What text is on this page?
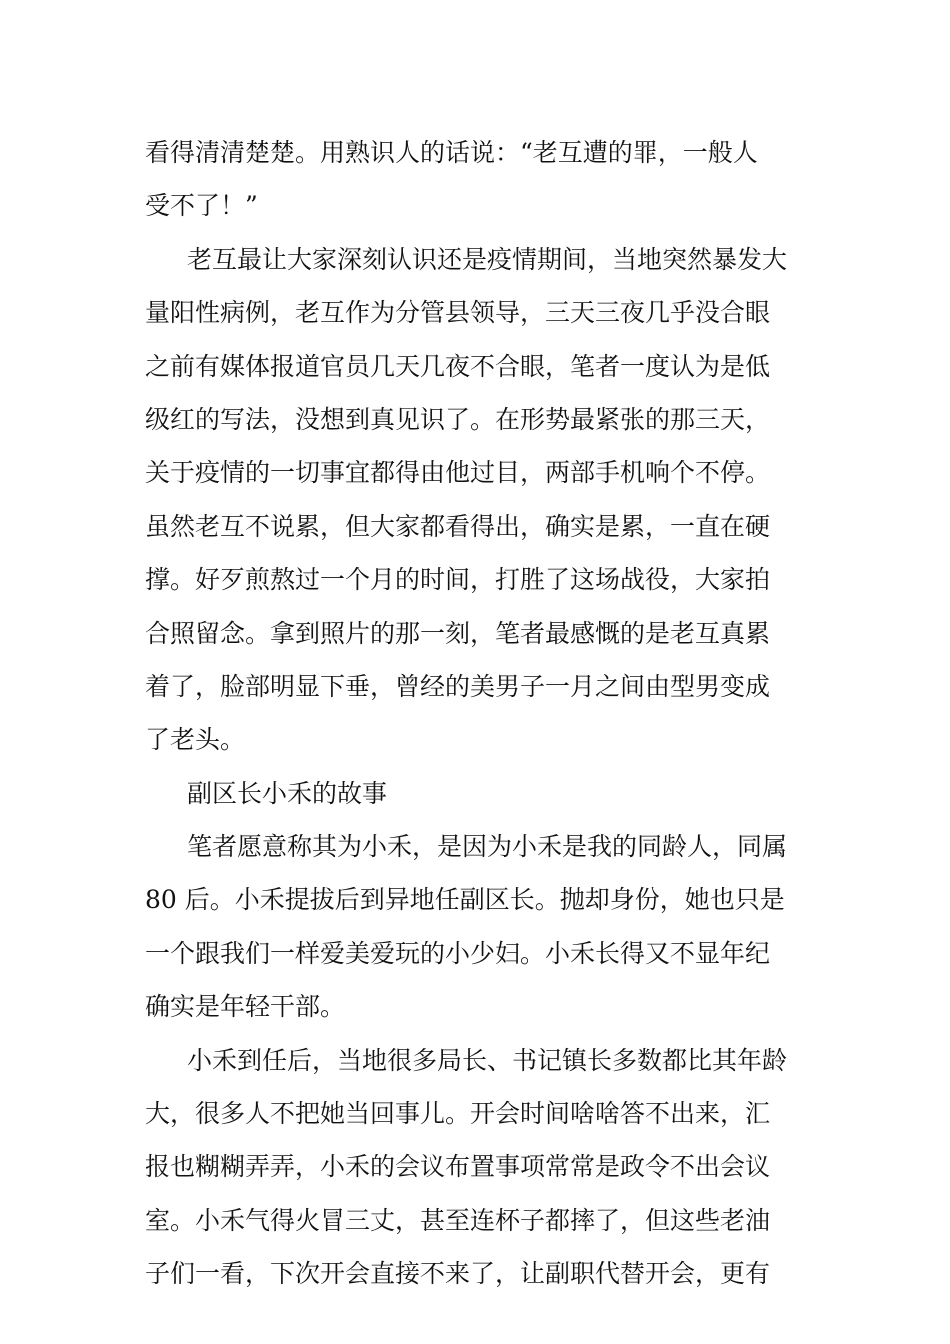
看得清清楚楚。用熟识人的话说：“老互遭的罪，一般人
受不了！”
老互最让大家深刻认识还是疫情期间，当地突然暴发大
量阳性病例，老互作为分管县领导，三天三夜几乎没合眼
之前有媒体报道官员几天几夜不合眼，笔者一度认为是低
级红的写法，没想到真见识了。在形势最紧张的那三天，
关于疫情的一切事宜都得由他过目，两部手机响个不停。
虽然老互不说累，但大家都看得出，确实是累，一直在硬
撑。好歹煎熬过一个月的时间，打胜了这场战役，大家拍
合照留念。拿到照片的那一刻，笔者最感慨的是老互真累
着了，脸部明显下垂，曾经的美男子一月之间由型男变成
了老头。
副区长小禾的故事
笔者愿意称其为小禾，是因为小禾是我的同龄人，同属
80 后。小禾提拔后到异地任副区长。抛却身份，她也只是
一个跟我们一样爱美爱玩的小少妇。小禾长得又不显年纪
确实是年轻干部。
小禾到任后，当地很多局长、书记镇长多数都比其年龄
大，很多人不把她当回事儿。开会时间啥啥答不出来，汇
报也糊糊弄弄，小禾的会议布置事项常常是政令不出会议
室。小禾气得火冒三丈，甚至连杯子都摔了，但这些老油
子们一看，下次开会直接不来了，让副职代替开会，更有
